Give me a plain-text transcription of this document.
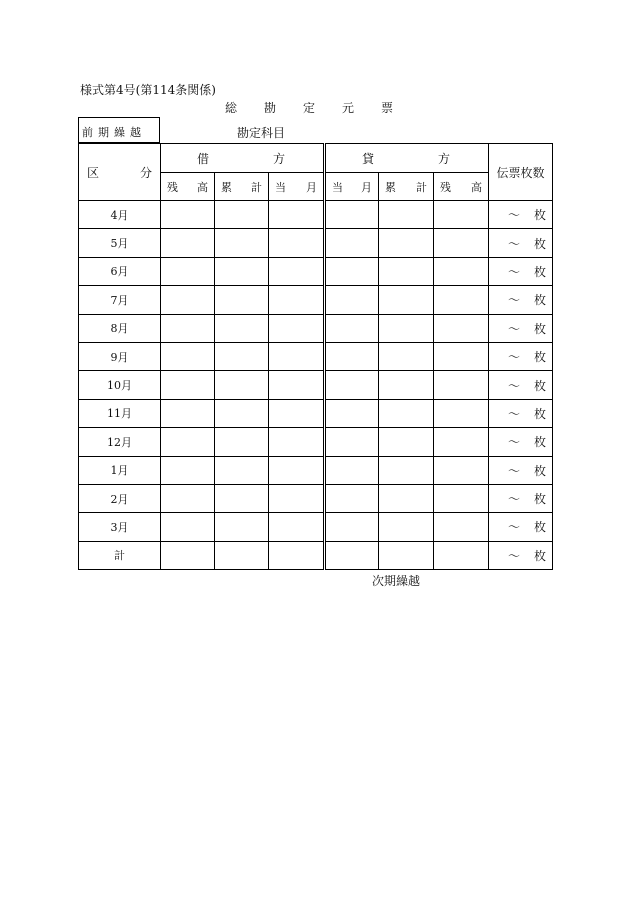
様式第4号(第114条関係)
総勘定元票
前期繰越	勘定科目
区 分	借 方			貸 方			伝票枚数

	残 高	累 計	当 月	当 月	累 計	残 高	

4月							〜 枚

5月							〜 枚

6月							〜 枚

7月							〜 枚

8月							〜 枚

9月							〜 枚

10月							〜 枚

11月							〜 枚

12月							〜 枚

1月							〜 枚

2月							〜 枚

3月							〜 枚

計							〜 枚
次期繰越
